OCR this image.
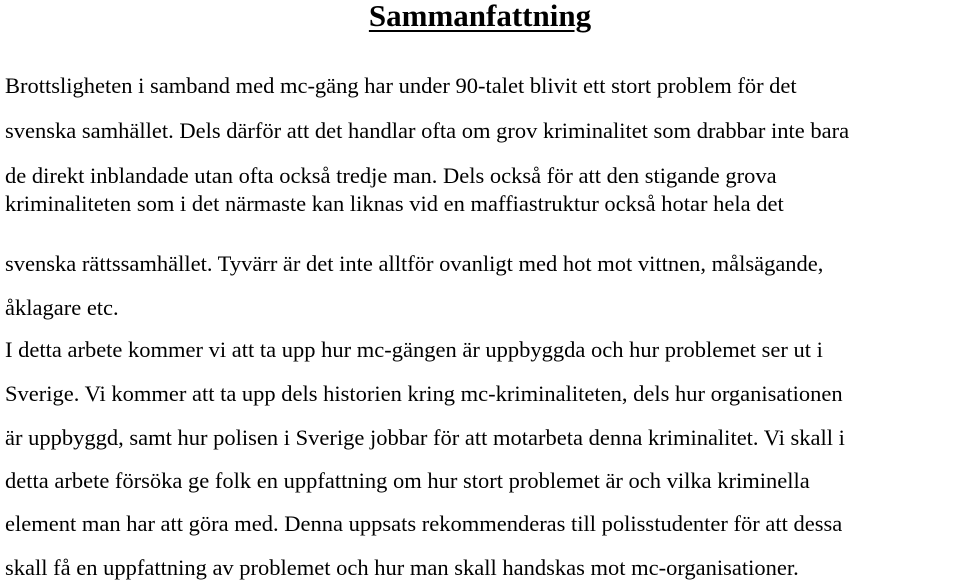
Sammanfattning

Brottsligheten i samband med mc-gäng har under 90-talet blivit ett stort problem för det

svenska samhället. Dels därför att det handlar ofta om grov kriminalitet som drabbar inte bara

de direkt inblandade utan ofta också tredje man. Dels också för att den stigande grova

kriminaliteten som i det närmaste kan liknas vid en maffiastruktur också hotar hela det

svenska rättssamhället. Tyvärr är det inte alltför ovanligt med hot mot vittnen, målsägande,

åklagare etc.

I detta arbete kommer vi att ta upp hur mc-gängen är uppbyggda och hur problemet ser ut i

Sverige. Vi kommer att ta upp dels historien kring mc-kriminaliteten, dels hur organisationen

är uppbyggd, samt hur polisen i Sverige jobbar för att motarbeta denna kriminalitet. Vi skall i

detta arbete försöka ge folk en uppfattning om hur stort problemet är och vilka kriminella

element man har att göra med. Denna uppsats rekommenderas till polisstudenter för att dessa

skall få en uppfattning av problemet och hur man skall handskas mot mc-organisationer.
